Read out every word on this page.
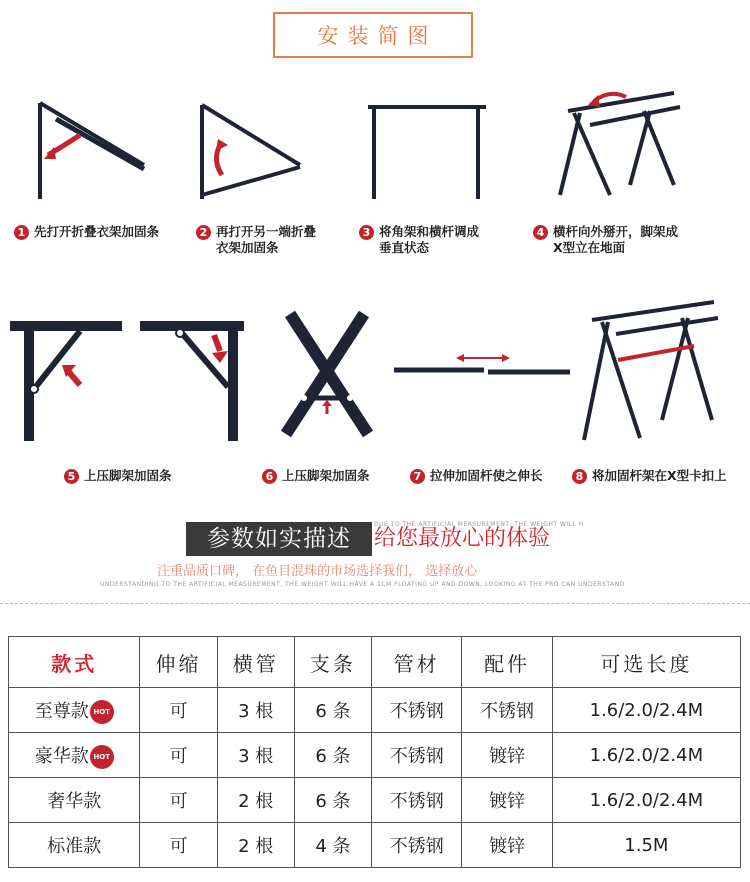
安装简图
1 先打开折叠衣架加固条	2 再打开另一端折叠
衣架加固条
3 将角架和横杆调成
垂直状态
4 横杆向外掰开，脚架成
X型立在地面
5 上压脚架加固条	6 上压脚架加固条	7 拉伸加固杆使之伸长	8 将加固杆架在X型卡扣上
参数如实描述
DUE TO THE ARTIFICIAL MEASUREMENT, THE WEIGHT WILL H
给您最放心的体验
注重品质口碑， 在鱼目混珠的市场选择我们， 选择放心
UNDERSTANDING TO THE ARTIFICIAL MEASUREMENT, THE WEIGHT WILL HAVE A 1CM FLOATING UP AND DOWN, LOOKING AT THE PRO CAN UNDERSTAND
款式	伸缩	横管	支条	管材	配件	可选长度
至尊款 HOT	可	3 根	6 条	不锈钢	不锈钢	1.6/2.0/2.4M
豪华款 HOT	可	3 根	6 条	不锈钢	镀锌	1.6/2.0/2.4M
奢华款	可	2 根	6 条	不锈钢	镀锌	1.6/2.0/2.4M
标准款	可	2 根	4 条	不锈钢	镀锌	1.5M
